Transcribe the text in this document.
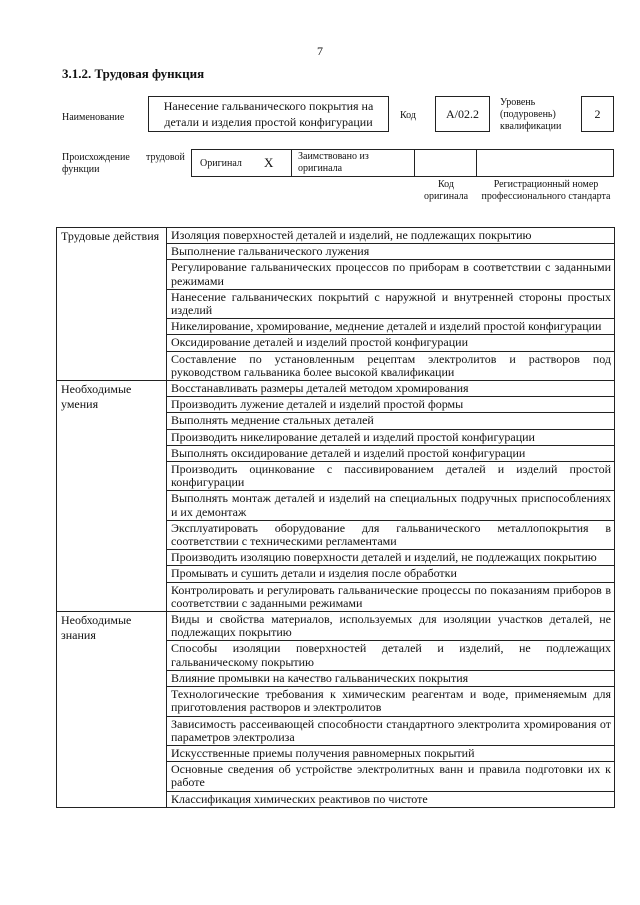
7
3.1.2. Трудовая функция
Наименование
Нанесение гальванического покрытия на детали и изделия простой конфигурации	Код	А/02.2
Уровень
(подуровень)
квалификации
2
Происхождение	трудовой
функции
Оригинал Х	Заимствовано из оригинала
Код оригинала
Регистрационный номер профессионального стандарта
Трудовые действия	Изоляция поверхностей деталей и изделий, не подлежащих покрытию
	Выполнение гальванического лужения
	Регулирование гальванических процессов по приборам в соответствии с заданными режимами
	Нанесение гальванических покрытий с наружной и внутренней стороны простых изделий
	Никелирование, хромирование, меднение деталей и изделий простой конфигурации
	Оксидирование деталей и изделий простой конфигурации
	Составление по установленным рецептам электролитов и растворов под руководством гальваника более высокой квалификации
Необходимые умения	Восстанавливать размеры деталей методом хромирования
	Производить лужение деталей и изделий простой формы
	Выполнять меднение стальных деталей
	Производить никелирование деталей и изделий простой конфигурации
	Выполнять оксидирование деталей и изделий простой конфигурации
	Производить оцинкование с пассивированием деталей и изделий простой конфигурации
	Выполнять монтаж деталей и изделий на специальных подручных приспособлениях и их демонтаж
	Эксплуатировать оборудование для гальванического металлопокрытия в соответствии с техническими регламентами
	Производить изоляцию поверхности деталей и изделий, не подлежащих покрытию
	Промывать и сушить детали и изделия после обработки
	Контролировать и регулировать гальванические процессы по показаниям приборов в соответствии с заданными режимами
Необходимые знания	Виды и свойства материалов, используемых для изоляции участков деталей, не подлежащих покрытию
	Способы изоляции поверхностей деталей и изделий, не подлежащих гальваническому покрытию
	Влияние промывки на качество гальванических покрытия
	Технологические требования к химическим реагентам и воде, применяемым для приготовления растворов и электролитов
	Зависимость рассеивающей способности стандартного электролита хромирования от параметров электролиза
	Искусственные приемы получения равномерных покрытий
	Основные сведения об устройстве электролитных ванн и правила подготовки их к работе
	Классификация химических реактивов по чистоте
